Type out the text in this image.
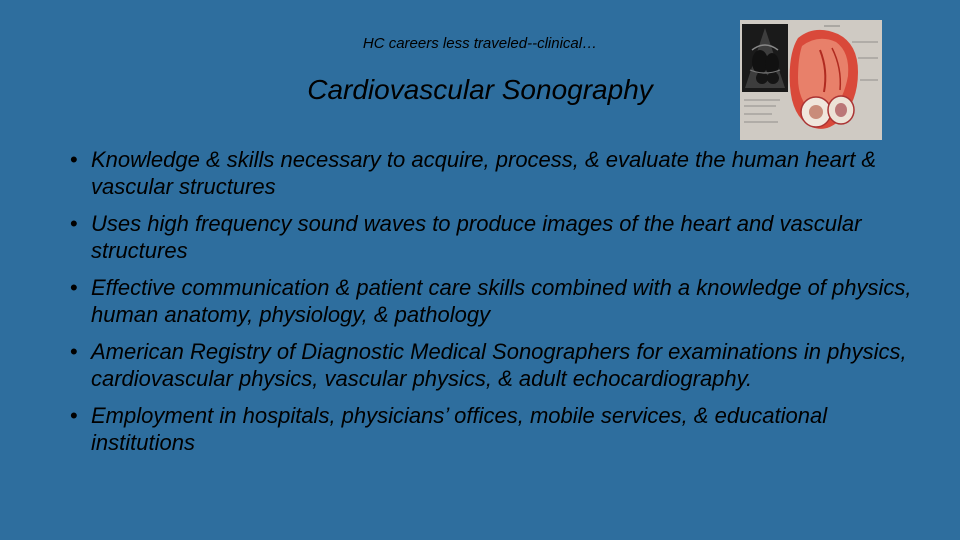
HC careers less traveled--clinical…
Cardiovascular Sonography
• Knowledge & skills necessary to acquire, process, & evaluate the human heart & vascular structures
• Uses high frequency sound waves to produce images of the heart and vascular structures
• Effective communication & patient care skills combined with a knowledge of physics, human anatomy, physiology, & pathology
• American Registry of Diagnostic Medical Sonographers for examinations in physics, cardiovascular physics, vascular physics, & adult echocardiography.
• Employment in hospitals, physicians’ offices, mobile services, & educational institutions
